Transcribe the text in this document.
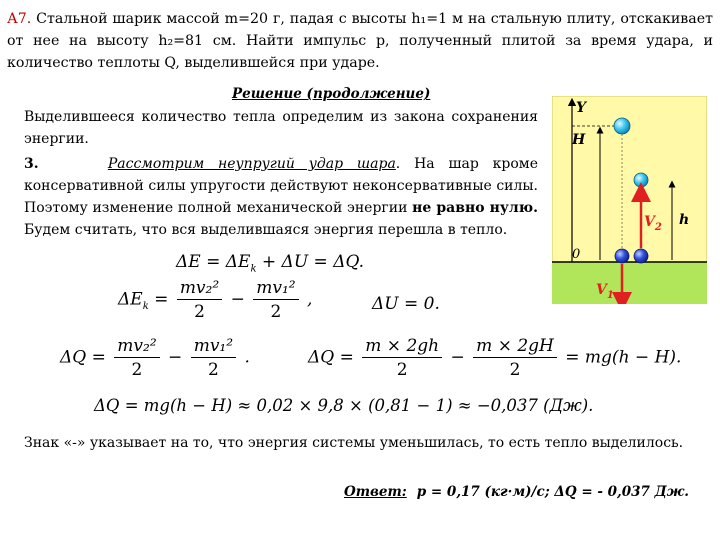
А7. Стальной шарик массой m=20 г, падая с высоты h₁=1 м на стальную плиту, отскакивает от нее на высоту h₂=81 см. Найти импульс p, полученный плитой за время удара, и количество теплоты Q, выделившейся при ударе.
Решение (продолжение)
Выделившееся количество тепла определим из закона сохранения энергии.
3.	Рассмотрим неупругий удар шара. На шар кроме консервативной силы упругости действуют неконсервативные силы. Поэтому изменение полной механической энергии не равно нулю. Будем считать, что вся выделившаяся энергия перешла в тепло.
$\Delta E = \Delta E_k + \Delta U = \Delta Q$.
$\Delta E_k = \frac{\text{mv₂²}}{2} - \frac{\text{mv₁²}}{2}$ ,	ΔU = 0.
$\Delta Q = \frac{\text{mv₂²}}{2} - \frac{\text{mv₁²}}{2}$ .	$\Delta Q = \frac{m \times 2gh}{2} - \frac{m \times 2gH}{2} = mg(h - H)$.
ΔQ = mg(h − H) ≈ 0,02 × 9,8 × (0,81 − 1) ≈ −0,037 (Дж).
Знак «-» указывает на то, что энергия системы уменьшилась, то есть тепло выделилось.
Ответ: p = 0,17 (кг·м)/с; ΔQ = - 0,037 Дж.
Y
H
0
h
$V_2$
$V_1$
